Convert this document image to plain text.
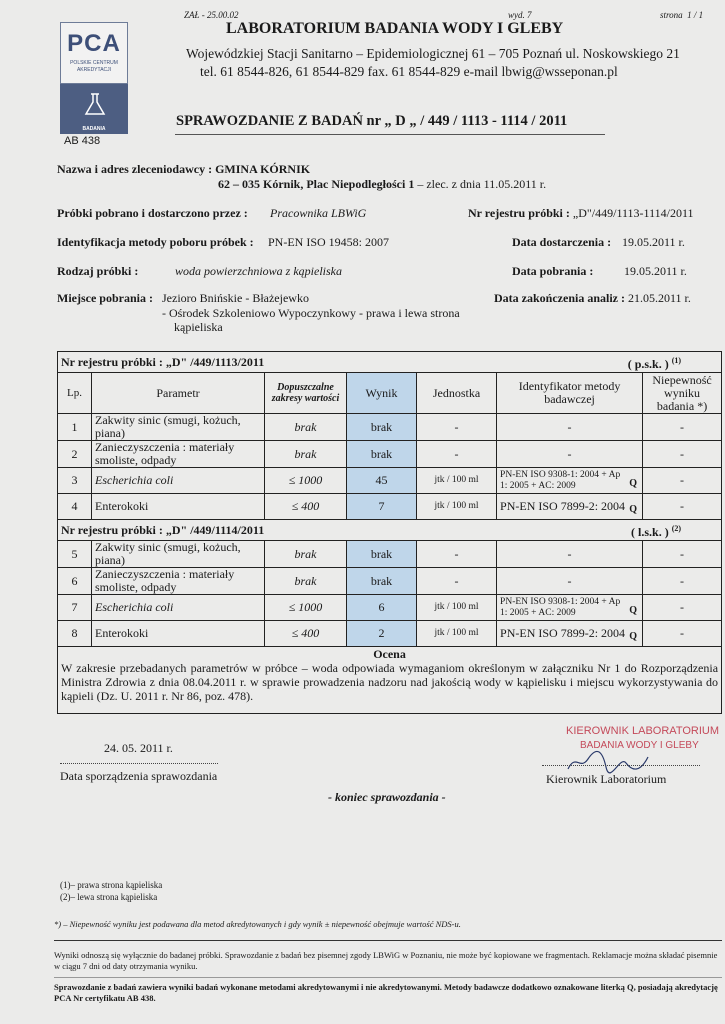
ZAŁ - 25.00.02	wyd. 7	strona 1 / 1
LABORATORIUM BADANIA WODY I GLEBY
Wojewódzkiej Stacji Sanitarno – Epidemiologicznej 61 – 705 Poznań ul. Noskowskiego 21
tel. 61 8544-826, 61 8544-829 fax. 61 8544-829 e-mail lbwig@wsseponan.pl
PCA
POLSKIE CENTRUM AKREDYTACJI
BADANIA
AB 438
SPRAWOZDANIE Z BADAŃ nr „ D „ / 449 / 1113 - 1114 / 2011
Nazwa i adres zleceniodawcy : GMINA KÓRNIK
62 – 035 Kórnik, Plac Niepodległości 1 – zlec. z dnia 11.05.2011 r.
Próbki pobrano i dostarczono przez : Pracownika LBWiG	Nr rejestru próbki : „D"/449/1113-1114/2011
Identyfikacja metody poboru próbek : PN-EN ISO 19458: 2007	Data dostarczenia : 19.05.2011 r.
Rodzaj próbki :	woda powierzchniowa z kąpieliska	Data pobrania :	19.05.2011 r.
Miejsce pobrania : Jezioro Bnińskie - Błażejewko
- Ośrodek Szkoleniowo Wypoczynkowy - prawa i lewa strona
kąpieliska
Data zakończenia analiz : 21.05.2011 r.
Nr rejestru próbki : „D" /449/1113/2011					( p.s.k. ) $^{(1)}$
Lp.	Parametr	Dopuszczalne zakresy wartości	Wynik	Jednostka	Identyfikator metody badawczej	Niepewność wyniku badania *)
1	Zakwity sinic (smugi, kożuch, piana)	brak	brak	-	-	-
2	Zanieczyszczenia : materiały smoliste, odpady	brak	brak	-	-	-
3	Escherichia coli	≤ 1000	45	jtk / 100 ml	PN-EN ISO 9308-1: 2004 + Ap 1: 2005 + AC: 2009 Q	-
4	Enterokoki	≤ 400	7	jtk / 100 ml	PN-EN ISO 7899-2: 2004 Q	-
Nr rejestru próbki : „D" /449/1114/2011					( l.s.k. ) $^{(2)}$
5	Zakwity sinic (smugi, kożuch, piana)	brak	brak	-	-	-
6	Zanieczyszczenia : materiały smoliste, odpady	brak	brak	-	-	-
7	Escherichia coli	≤ 1000	6	jtk / 100 ml	PN-EN ISO 9308-1: 2004 + Ap 1: 2005 + AC: 2009 Q	-
8	Enterokoki	≤ 400	2	jtk / 100 ml	PN-EN ISO 7899-2: 2004 Q	-

Ocena
W zakresie przebadanych parametrów w próbce – woda odpowiada wymaganiom określonym w załączniku Nr 1 do Rozporządzenia Ministra Zdrowia z dnia 08.04.2011 r. w sprawie prowadzenia nadzoru nad jakością wody w kąpielisku i miejscu wykorzystywania do kąpieli (Dz. U. 2011 r. Nr 86, poz. 478).						
24. 05. 2011 r.
Data sporządzenia sprawozdania
KIEROWNIK LABORATORIUM
BADANIA WODY I GLEBY
Kierownik Laboratorium
- koniec sprawozdania -
(1)– prawa strona kąpieliska
(2)– lewa strona kąpieliska
*) – Niepewność wyniku jest podawana dla metod akredytowanych i gdy wynik ± niepewność obejmuje wartość NDS-u.
Wyniki odnoszą się wyłącznie do badanej próbki. Sprawozdanie z badań bez pisemnej zgody LBWiG w Poznaniu, nie może być kopiowane we fragmentach. Reklamacje można składać pisemnie w ciągu 7 dni od daty otrzymania wyniku.
Sprawozdanie z badań zawiera wyniki badań wykonane metodami akredytowanymi i nie akredytowanymi. Metody badawcze dodatkowo oznakowane literką Q, posiadają akredytację PCA Nr certyfikatu AB 438.
